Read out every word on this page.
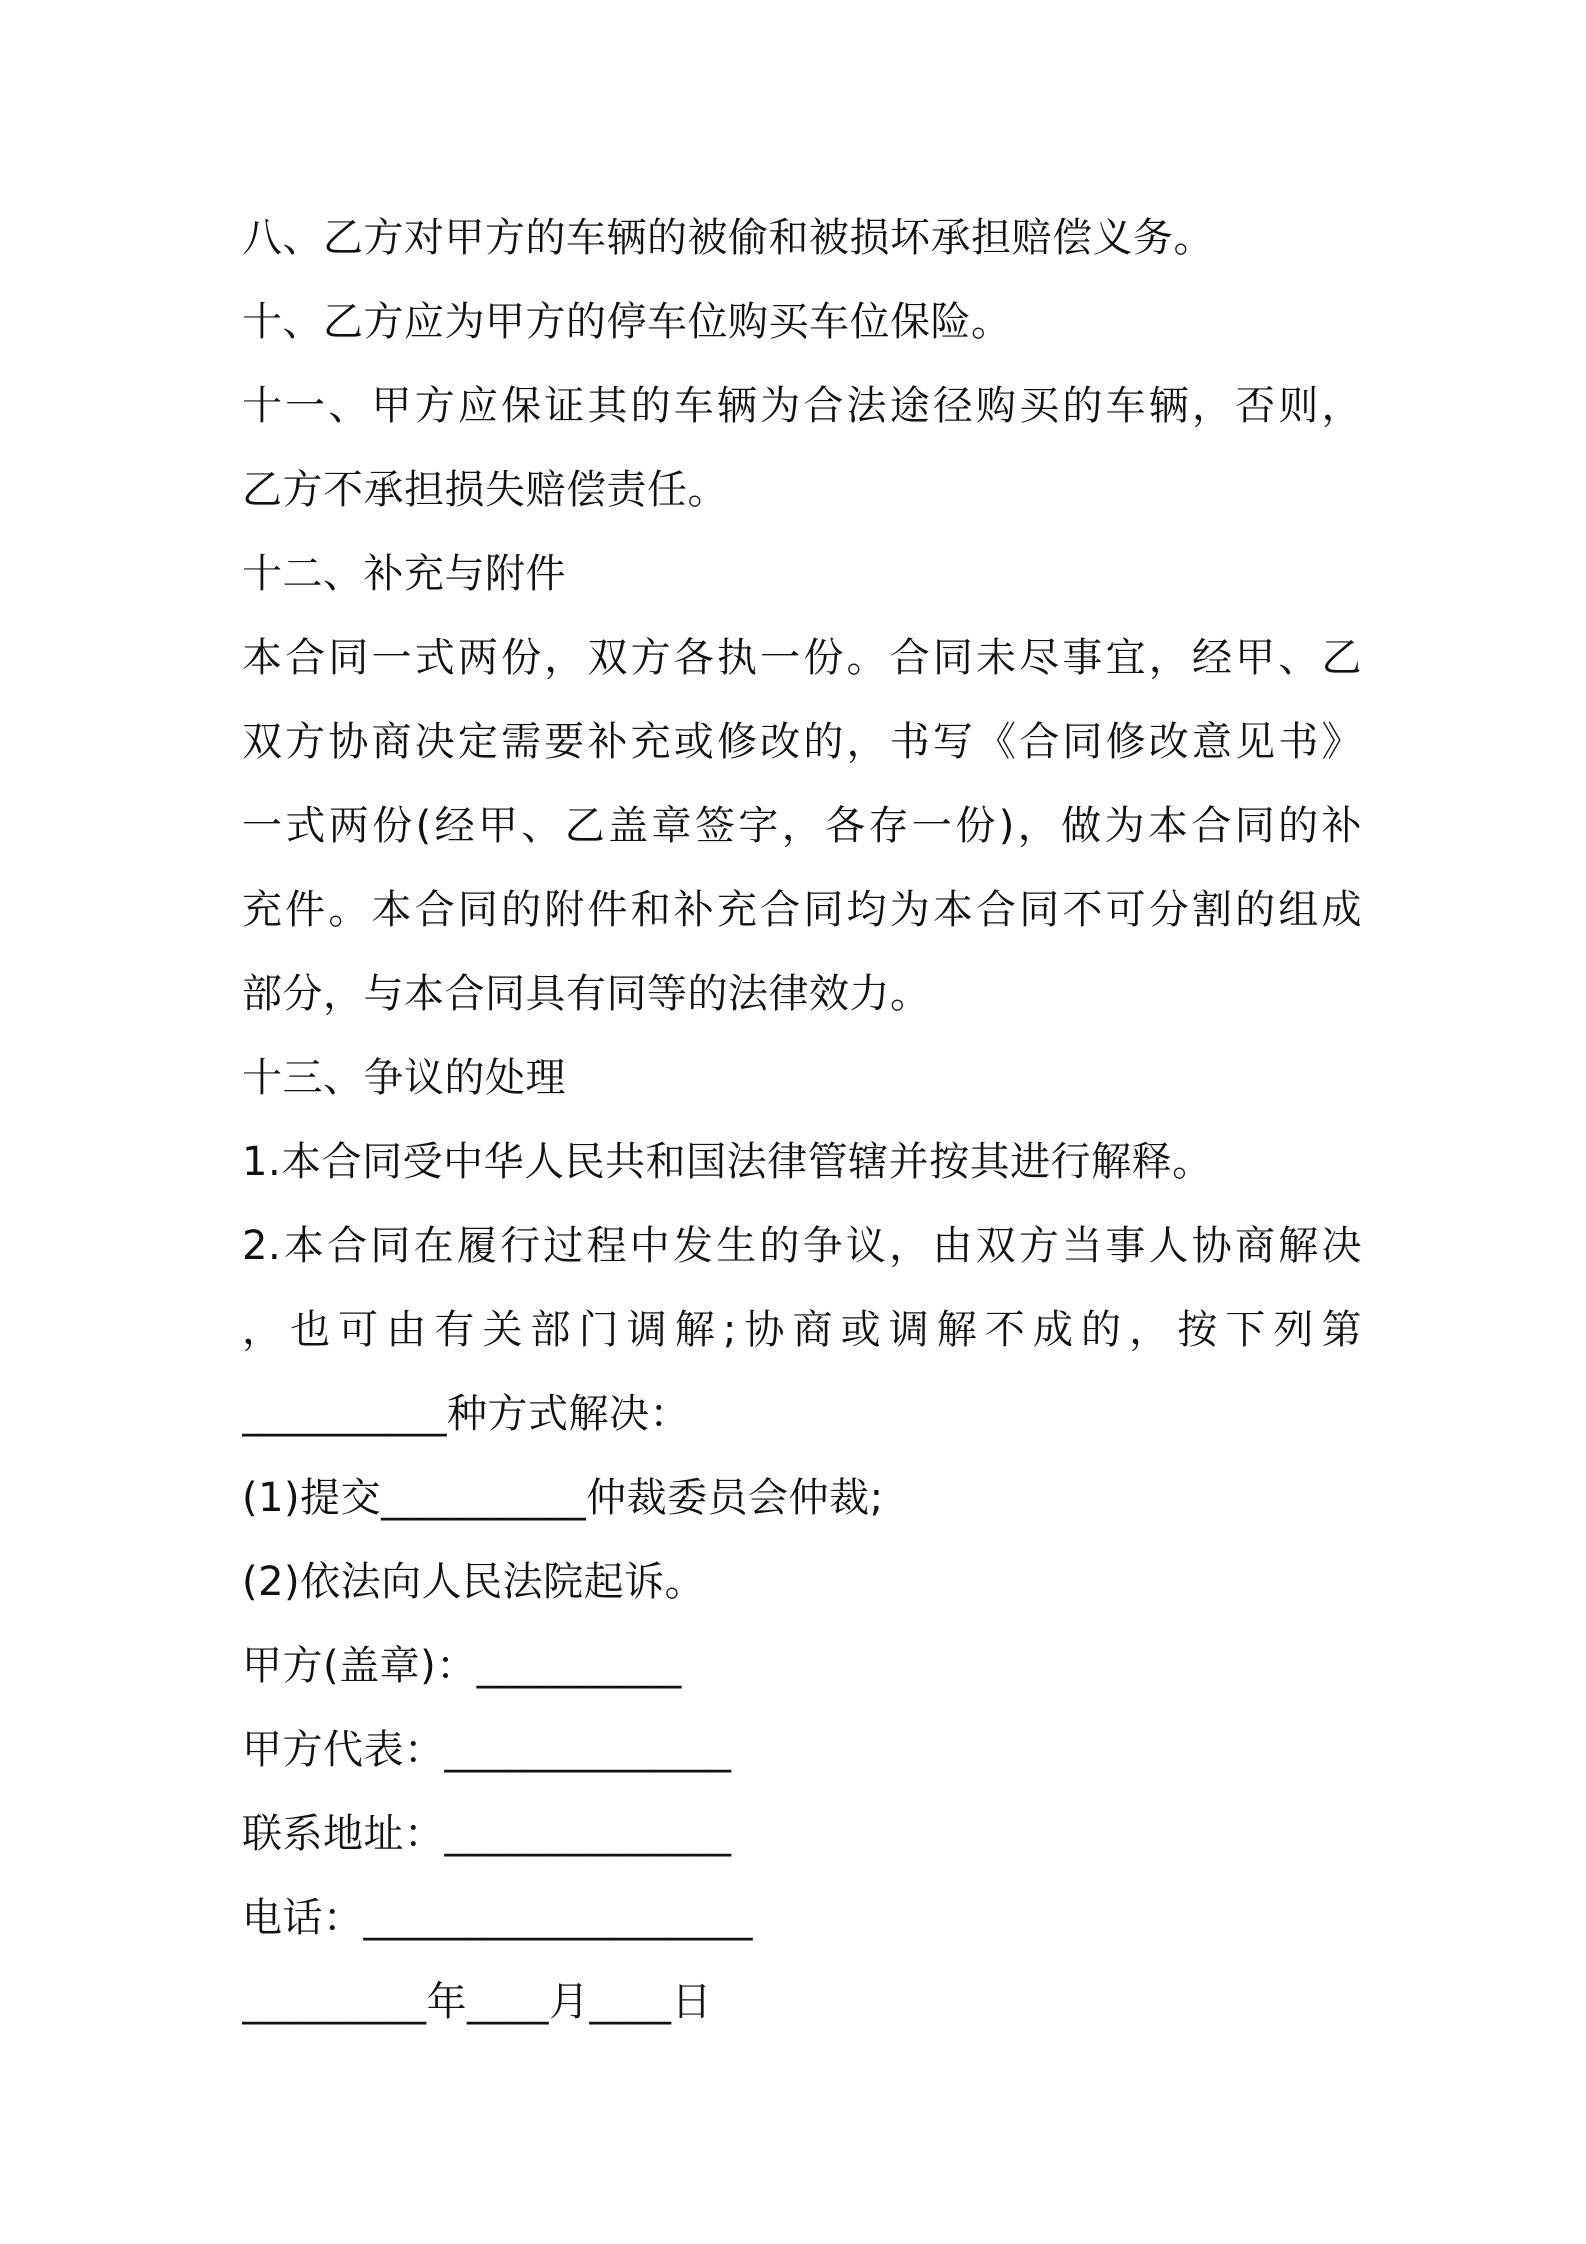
八、乙方对甲方的车辆的被偷和被损坏承担赔偿义务。
十、乙方应为甲方的停车位购买车位保险。
十一、甲方应保证其的车辆为合法途径购买的车辆，否则，
乙方不承担损失赔偿责任。
十二、补充与附件
本合同一式两份，双方各执一份。合同未尽事宜，经甲、乙
双方协商决定需要补充或修改的，书写《合同修改意见书》
一式两份(经甲、乙盖章签字，各存一份)，做为本合同的补
充件。本合同的附件和补充合同均为本合同不可分割的组成
部分，与本合同具有同等的法律效力。
十三、争议的处理
1.本合同受中华人民共和国法律管辖并按其进行解释。
2.本合同在履行过程中发生的争议，由双方当事人协商解决
，也可由有关部门调解;协商或调解不成的，按下列第
__________种方式解决：
(1)提交__________仲裁委员会仲裁;
(2)依法向人民法院起诉。
甲方(盖章)：__________
甲方代表：______________
联系地址：______________
电话：___________________
_________年____月____日
